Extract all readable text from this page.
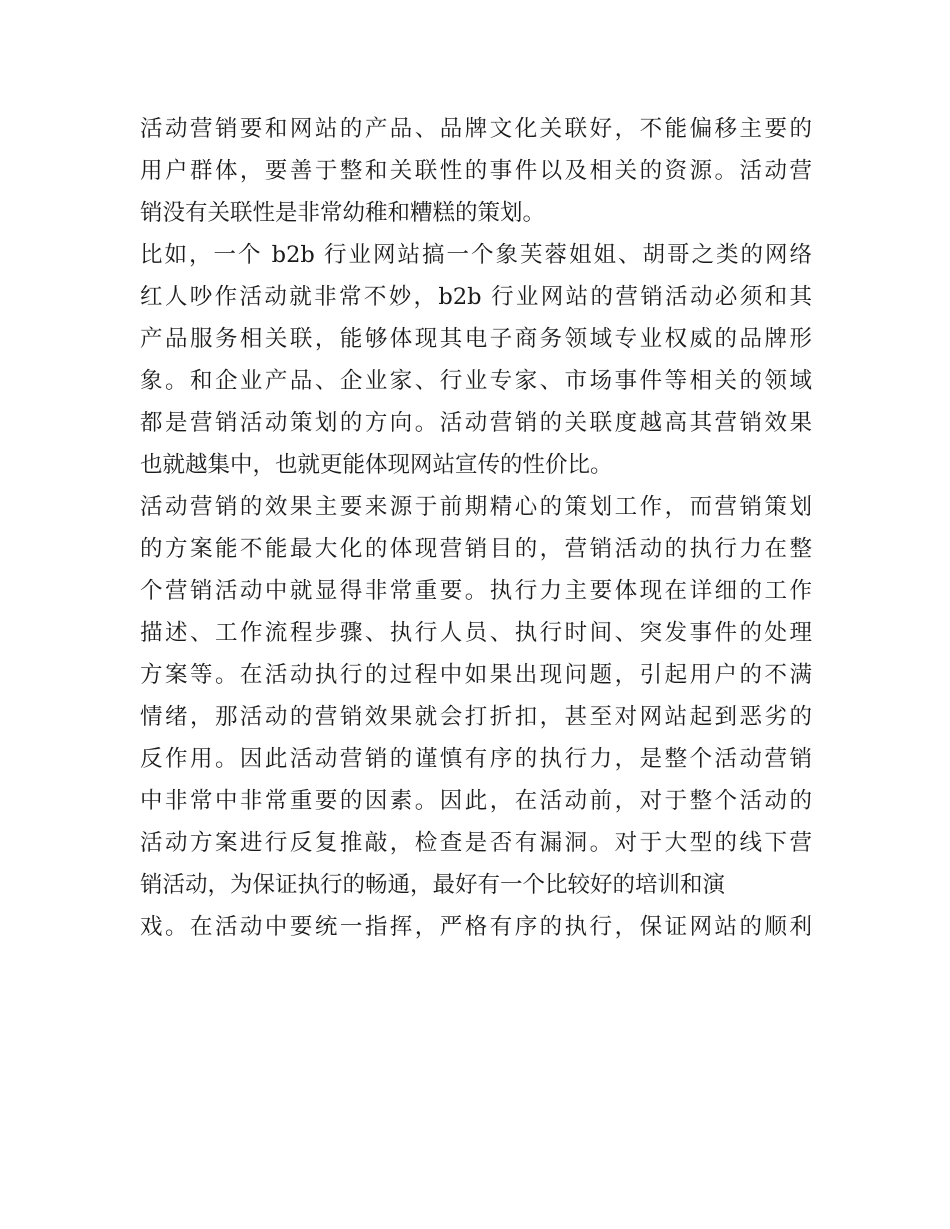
活动营销要和网站的产品、品牌文化关联好，不能偏移主要的
用户群体，要善于整和关联性的事件以及相关的资源。活动营
销没有关联性是非常幼稚和糟糕的策划。
比如，一个 b2b 行业网站搞一个象芙蓉姐姐、胡哥之类的网络
红人吵作活动就非常不妙，b2b 行业网站的营销活动必须和其
产品服务相关联，能够体现其电子商务领域专业权威的品牌形
象。和企业产品、企业家、行业专家、市场事件等相关的领域
都是营销活动策划的方向。活动营销的关联度越高其营销效果
也就越集中，也就更能体现网站宣传的性价比。
活动营销的效果主要来源于前期精心的策划工作，而营销策划
的方案能不能最大化的体现营销目的，营销活动的执行力在整
个营销活动中就显得非常重要。执行力主要体现在详细的工作
描述、工作流程步骤、执行人员、执行时间、突发事件的处理
方案等。在活动执行的过程中如果出现问题，引起用户的不满
情绪，那活动的营销效果就会打折扣，甚至对网站起到恶劣的
反作用。因此活动营销的谨慎有序的执行力，是整个活动营销
中非常中非常重要的因素。因此，在活动前，对于整个活动的
活动方案进行反复推敲，检查是否有漏洞。对于大型的线下营
销活动，为保证执行的畅通，最好有一个比较好的培训和演
戏。在活动中要统一指挥，严格有序的执行，保证网站的顺利
